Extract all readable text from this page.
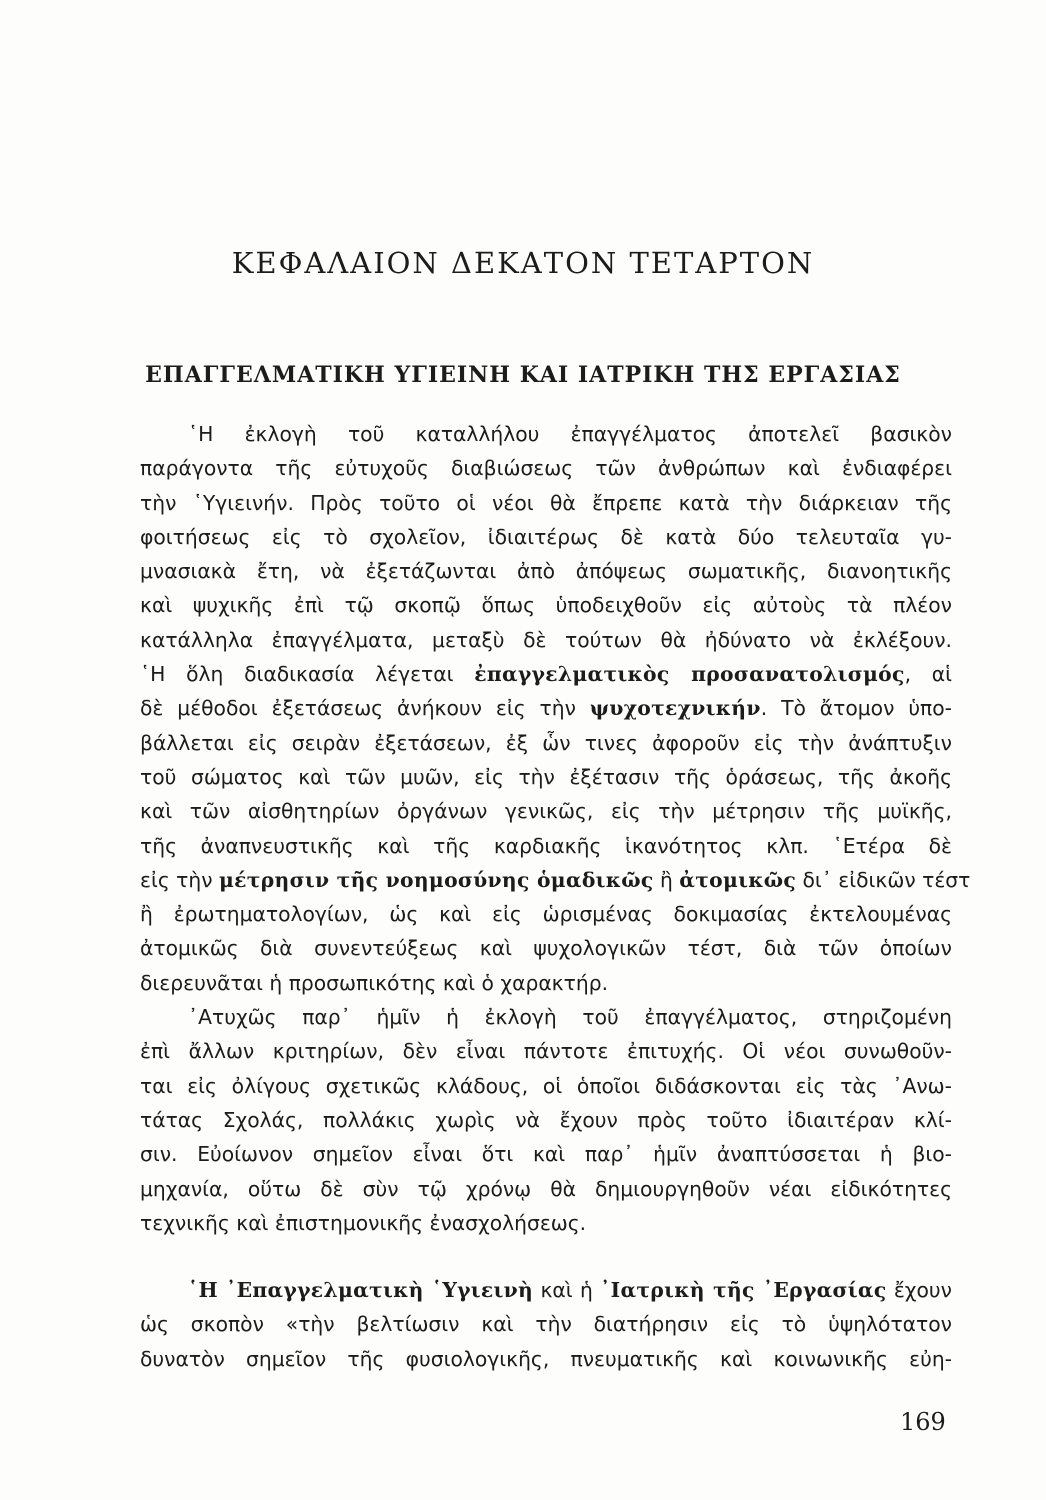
ΚΕΦΑΛΑΙΟΝ ΔΕΚΑΤΟΝ ΤΕΤΑΡΤΟΝ
ΕΠΑΓΓΕΛΜΑΤΙΚΗ ΥΓΙΕΙΝΗ ΚΑΙ ΙΑΤΡΙΚΗ ΤΗΣ ΕΡΓΑΣΙΑΣ

῾Η ἐκλογὴ τοῦ καταλλήλου ἐπαγγέλματος ἀποτελεῖ βασικὸν
παράγοντα τῆς εὐτυχοῦς διαβιώσεως τῶν ἀνθρώπων καὶ ἐνδιαφέρει
τὴν ῾Υγιεινήν. Πρὸς τοῦτο οἱ νέοι θὰ ἔπρεπε κατὰ τὴν διάρκειαν τῆς
φοιτήσεως εἰς τὸ σχολεῖον, ἰδιαιτέρως δὲ κατὰ δύο τελευταῖα γυ-
μνασιακὰ ἔτη, νὰ ἐξετάζωνται ἀπὸ ἀπόψεως σωματικῆς, διανοητικῆς
καὶ ψυχικῆς ἐπὶ τῷ σκοπῷ ὅπως ὑποδειχθοῦν εἰς αὐτοὺς τὰ πλέον
κατάλληλα ἐπαγγέλματα, μεταξὺ δὲ τούτων θὰ ἠδύνατο νὰ ἐκλέξουν.
῾Η ὅλη διαδικασία λέγεται ἐπαγγελματικὸς προσανατολισμός, αἱ
δὲ μέθοδοι ἐξετάσεως ἀνήκουν εἰς τὴν ψυχοτεχνικήν. Τὸ ἄτομον ὑπο-
βάλλεται εἰς σειρὰν ἐξετάσεων, ἐξ ὧν τινες ἀφοροῦν εἰς τὴν ἀνάπτυξιν
τοῦ σώματος καὶ τῶν μυῶν, εἰς τὴν ἐξέτασιν τῆς ὁράσεως, τῆς ἀκοῆς
καὶ τῶν αἰσθητηρίων ὀργάνων γενικῶς, εἰς τὴν μέτρησιν τῆς μυϊκῆς,
τῆς ἀναπνευστικῆς καὶ τῆς καρδιακῆς ἱκανότητος κλπ. ῾Ετέρα δὲ
εἰς τὴν μέτρησιν τῆς νοημοσύνης ὁμαδικῶς ἢ ἀτομικῶς δι᾽ εἰδικῶν τέστ
ἢ ἐρωτηματολογίων, ὡς καὶ εἰς ὡρισμένας δοκιμασίας ἐκτελουμένας
ἀτομικῶς διὰ συνεντεύξεως καὶ ψυχολογικῶν τέστ, διὰ τῶν ὁποίων
διερευνᾶται ἡ προσωπικότης καὶ ὁ χαρακτήρ.

᾿Ατυχῶς παρ᾽ ἡμῖν ἡ ἐκλογὴ τοῦ ἐπαγγέλματος, στηριζομένη
ἐπὶ ἄλλων κριτηρίων, δὲν εἶναι πάντοτε ἐπιτυχής. Οἱ νέοι συνωθοῦν-
ται εἰς ὀλίγους σχετικῶς κλάδους, οἱ ὁποῖοι διδάσκονται εἰς τὰς ᾿Ανω-
τάτας Σχολάς, πολλάκις χωρὶς νὰ ἔχουν πρὸς τοῦτο ἰδιαιτέραν κλί-
σιν. Εὐοίωνον σημεῖον εἶναι ὅτι καὶ παρ᾽ ἡμῖν ἀναπτύσσεται ἡ βιο-
μηχανία, οὕτω δὲ σὺν τῷ χρόνῳ θὰ δημιουργηθοῦν νέαι εἰδικότητες
τεχνικῆς καὶ ἐπιστημονικῆς ἐνασχολήσεως.

῾Η ᾿Επαγγελματικὴ ῾Υγιεινὴ καὶ ἡ ᾿Ιατρικὴ τῆς ᾿Εργασίας ἔχουν
ὡς σκοπὸν «τὴν βελτίωσιν καὶ τὴν διατήρησιν εἰς τὸ ὑψηλότατον
δυνατὸν σημεῖον τῆς φυσιολογικῆς, πνευματικῆς καὶ κοινωνικῆς εὐη-

169
